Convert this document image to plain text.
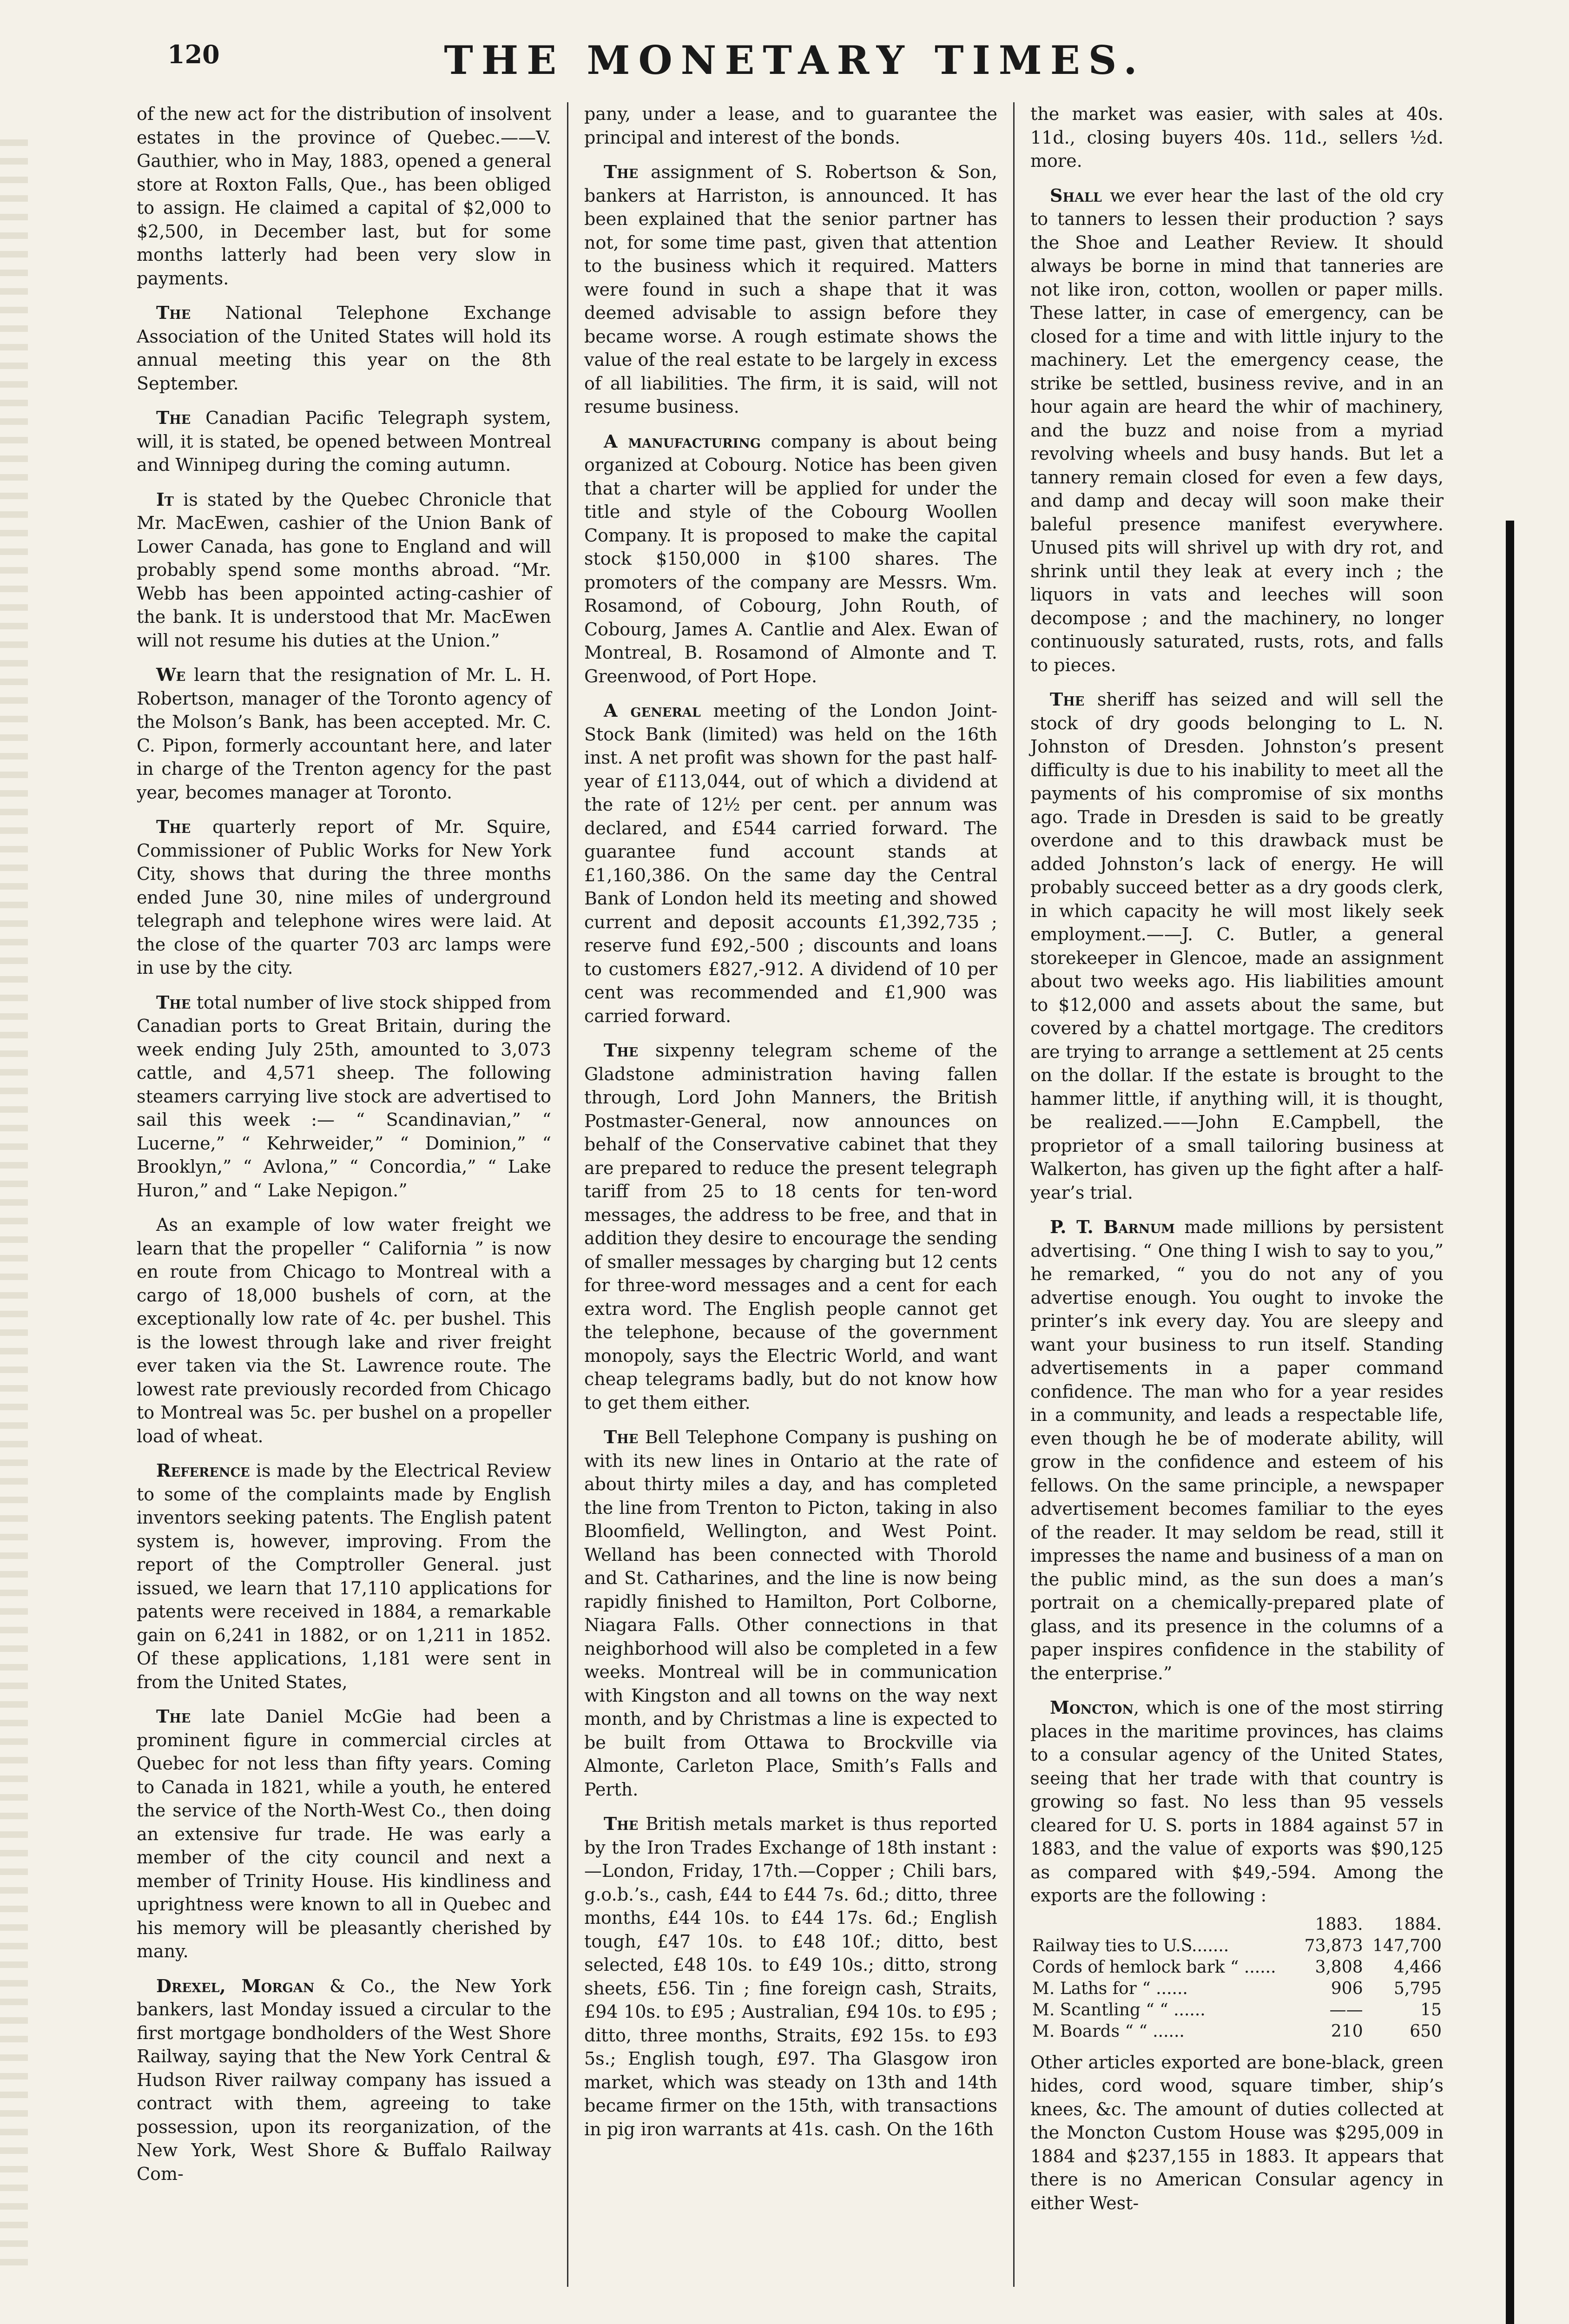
120	THE MONETARY TIMES.

of the new act for the distribution of insolvent estates in the province of Quebec.——V. Gauthier, who in May, 1883, opened a general store at Roxton Falls, Que., has been obliged to assign. He claimed a capital of $2,000 to $2,500, in December last, but for some months latterly had been very slow in payments.

The National Telephone Exchange Association of the United States will hold its annual meeting this year on the 8th September.

The Canadian Pacific Telegraph system, will, it is stated, be opened between Montreal and Winnipeg during the coming autumn.

It is stated by the Quebec Chronicle that Mr. MacEwen, cashier of the Union Bank of Lower Canada, has gone to England and will probably spend some months abroad. “Mr. Webb has been appointed acting-cashier of the bank. It is understood that Mr. MacEwen will not resume his duties at the Union.”

We learn that the resignation of Mr. L. H. Robertson, manager of the Toronto agency of the Molson’s Bank, has been accepted. Mr. C. C. Pipon, formerly accountant here, and later in charge of the Trenton agency for the past year, becomes manager at Toronto.

The quarterly report of Mr. Squire, Commissioner of Public Works for New York City, shows that during the three months ended June 30, nine miles of underground telegraph and telephone wires were laid. At the close of the quarter 703 arc lamps were in use by the city.

The total number of live stock shipped from Canadian ports to Great Britain, during the week ending July 25th, amounted to 3,073 cattle, and 4,571 sheep. The following steamers carrying live stock are advertised to sail this week :— “ Scandinavian,” “ Lucerne,” “ Kehrweider,” “ Dominion,” “ Brooklyn,” “ Avlona,” “ Concordia,” “ Lake Huron,” and “ Lake Nepigon.”

As an example of low water freight we learn that the propeller “ California ” is now en route from Chicago to Montreal with a cargo of 18,000 bushels of corn, at the exceptionally low rate of 4c. per bushel. This is the lowest through lake and river freight ever taken via the St. Lawrence route. The lowest rate previously recorded from Chicago to Montreal was 5c. per bushel on a propeller load of wheat.

Reference is made by the Electrical Review to some of the complaints made by English inventors seeking patents. The English patent system is, however, improving. From the report of the Comptroller General. just issued, we learn that 17,110 applications for patents were received in 1884, a remarkable gain on 6,241 in 1882, or on 1,211 in 1852. Of these applications, 1,181 were sent in from the United States,

The late Daniel McGie had been a prominent figure in commercial circles at Quebec for not less than fifty years. Coming to Canada in 1821, while a youth, he entered the service of the North-West Co., then doing an extensive fur trade. He was early a member of the city council and next a member of Trinity House. His kindliness and uprightness were known to all in Quebec and his memory will be pleasantly cherished by many.

Drexel, Morgan & Co., the New York bankers, last Monday issued a circular to the first mortgage bondholders of the West Shore Railway, saying that the New York Central & Hudson River railway company has issued a contract with them, agreeing to take possession, upon its reorganization, of the New York, West Shore & Buffalo Railway Com-

pany, under a lease, and to guarantee the principal and interest of the bonds.

The assignment of S. Robertson & Son, bankers at Harriston, is announced. It has been explained that the senior partner has not, for some time past, given that attention to the business which it required. Matters were found in such a shape that it was deemed advisable to assign before they became worse. A rough estimate shows the value of the real estate to be largely in excess of all liabilities. The firm, it is said, will not resume business.

A manufacturing company is about being organized at Cobourg. Notice has been given that a charter will be applied for under the title and style of the Cobourg Woollen Company. It is proposed to make the capital stock $150,000 in $100 shares. The promoters of the company are Messrs. Wm. Rosamond, of Cobourg, John Routh, of Cobourg, James A. Cantlie and Alex. Ewan of Montreal, B. Rosamond of Almonte and T. Greenwood, of Port Hope.

A general meeting of the London Joint-Stock Bank (limited) was held on the 16th inst. A net profit was shown for the past half-year of £113,044, out of which a dividend at the rate of 12½ per cent. per annum was declared, and £544 carried forward. The guarantee fund account stands at £1,160,386. On the same day the Central Bank of London held its meeting and showed current and deposit accounts £1,392,735 ; reserve fund £92,-500 ; discounts and loans to customers £827,-912. A dividend of 10 per cent was recommended and £1,900 was carried forward.

The sixpenny telegram scheme of the Gladstone administration having fallen through, Lord John Manners, the British Postmaster-General, now announces on behalf of the Conservative cabinet that they are prepared to reduce the present telegraph tariff from 25 to 18 cents for ten-word messages, the address to be free, and that in addition they desire to encourage the sending of smaller messages by charging but 12 cents for three-word messages and a cent for each extra word. The English people cannot get the telephone, because of the government monopoly, says the Electric World, and want cheap telegrams badly, but do not know how to get them either.

The Bell Telephone Company is pushing on with its new lines in Ontario at the rate of about thirty miles a day, and has completed the line from Trenton to Picton, taking in also Bloomfield, Wellington, and West Point. Welland has been connected with Thorold and St. Catharines, and the line is now being rapidly finished to Hamilton, Port Colborne, Niagara Falls. Other connections in that neighborhood will also be completed in a few weeks. Montreal will be in communication with Kingston and all towns on the way next month, and by Christmas a line is expected to be built from Ottawa to Brockville via Almonte, Carleton Place, Smith’s Falls and Perth.

The British metals market is thus reported by the Iron Trades Exchange of 18th instant : —London, Friday, 17th.—Copper ; Chili bars, g.o.b.’s., cash, £44 to £44 7s. 6d.; ditto, three months, £44 10s. to £44 17s. 6d.; English tough, £47 10s. to £48 10f.; ditto, best selected, £48 10s. to £49 10s.; ditto, strong sheets, £56. Tin ; fine foreign cash, Straits, £94 10s. to £95 ; Australian, £94 10s. to £95 ; ditto, three months, Straits, £92 15s. to £93 5s.; English tough, £97. Tha Glasgow iron market, which was steady on 13th and 14th became firmer on the 15th, with transactions in pig iron warrants at 41s. cash. On the 16th

the market was easier, with sales at 40s. 11d., closing buyers 40s. 11d., sellers ½d. more.

Shall we ever hear the last of the old cry to tanners to lessen their production ? says the Shoe and Leather Review. It should always be borne in mind that tanneries are not like iron, cotton, woollen or paper mills. These latter, in case of emergency, can be closed for a time and with little injury to the machinery. Let the emergency cease, the strike be settled, business revive, and in an hour again are heard the whir of machinery, and the buzz and noise from a myriad revolving wheels and busy hands. But let a tannery remain closed for even a few days, and damp and decay will soon make their baleful presence manifest everywhere. Unused pits will shrivel up with dry rot, and shrink until they leak at every inch ; the liquors in vats and leeches will soon decompose ; and the machinery, no longer continuously saturated, rusts, rots, and falls to pieces.

The sheriff has seized and will sell the stock of dry goods belonging to L. N. Johnston of Dresden. Johnston’s present difficulty is due to his inability to meet all the payments of his compromise of six months ago. Trade in Dresden is said to be greatly overdone and to this drawback must be added Johnston’s lack of energy. He will probably succeed better as a dry goods clerk, in which capacity he will most likely seek employment.——J. C. Butler, a general storekeeper in Glencoe, made an assignment about two weeks ago. His liabilities amount to $12,000 and assets about the same, but covered by a chattel mortgage. The creditors are trying to arrange a settlement at 25 cents on the dollar. If the estate is brought to the hammer little, if anything will, it is thought, be realized.——John E.Campbell, the proprietor of a small tailoring business at Walkerton, has given up the fight after a half-year’s trial.

P. T. Barnum made millions by persistent advertising. “ One thing I wish to say to you,” he remarked, “ you do not any of you advertise enough. You ought to invoke the printer’s ink every day. You are sleepy and want your business to run itself. Standing advertisements in a paper command confidence. The man who for a year resides in a community, and leads a respectable life, even though he be of moderate ability, will grow in the confidence and esteem of his fellows. On the same principle, a newspaper advertisement becomes familiar to the eyes of the reader. It may seldom be read, still it impresses the name and business of a man on the public mind, as the sun does a man’s portrait on a chemically-prepared plate of glass, and its presence in the columns of a paper inspires confidence in the stability of the enterprise.”

Moncton, which is one of the most stirring places in the maritime provinces, has claims to a consular agency of the United States, seeing that her trade with that country is growing so fast. No less than 95 vessels cleared for U. S. ports in 1884 against 57 in 1883, and the value of exports was $90,125 as compared with $49,-594. Among the exports are the following :

	1883.	1884.
Railway ties to U.S.......	73,873	147,700
Cords of hemlock bark “ ......	3,808	4,466
M. Laths for “ ......	906	5,795
M. Scantling “ “ ......	——	15
M. Boards “ “ ......	210	650

Other articles exported are bone-black, green hides, cord wood, square timber, ship’s knees, &c. The amount of duties collected at the Moncton Custom House was $295,009 in 1884 and $237,155 in 1883. It appears that there is no American Consular agency in either West-
